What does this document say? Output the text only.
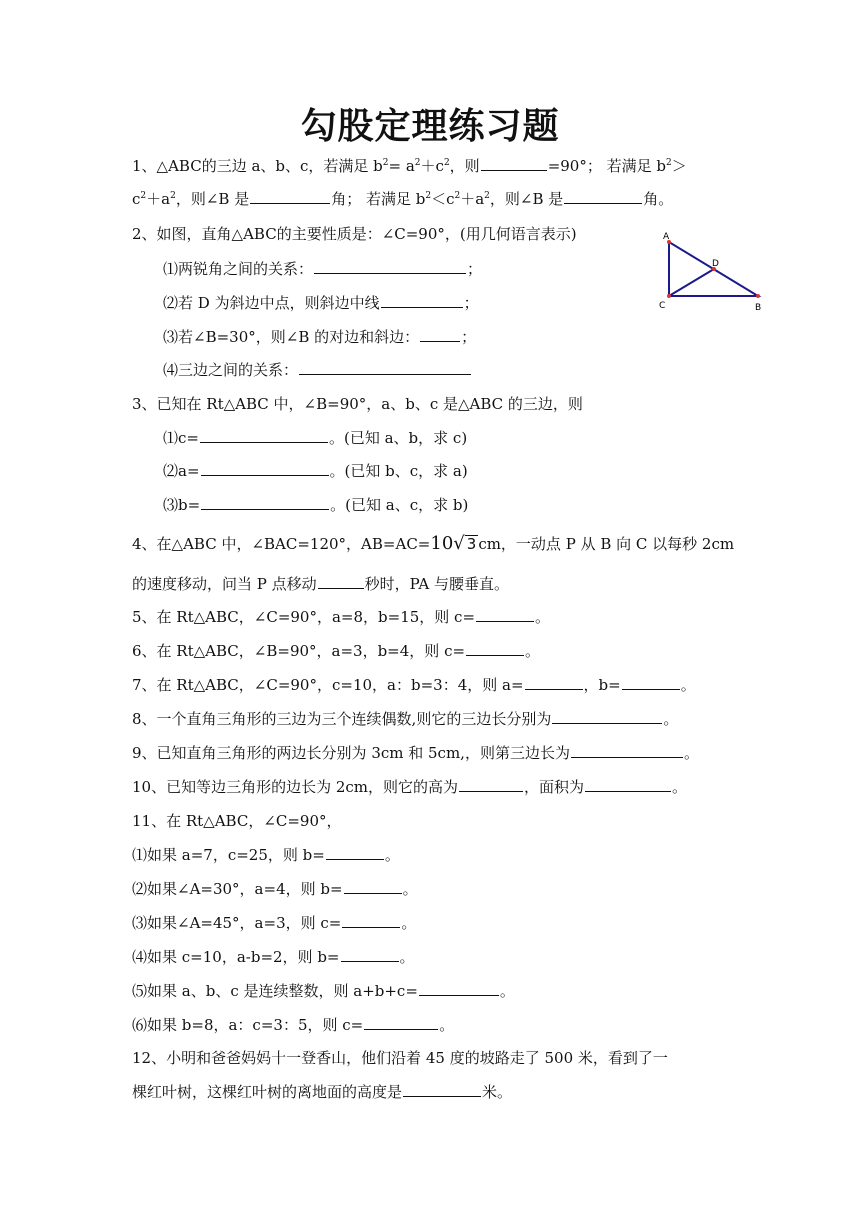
勾股定理练习题
1、△ABC的三边 a、b、c，若满足 $b^2= a^2+c^2$，则	=90°； 若满足 $b^2>$
$c^2+a^2$，则∠B 是	角； 若满足 $b^2<c^2+a^2$，则∠B 是	角。
2、如图，直角△ABC的主要性质是：∠C=90°，(用几何语言表示)
⑴两锐角之间的关系：	；
⑵若 D 为斜边中点，则斜边中线	；
⑶若∠B=30°，则∠B 的对边和斜边：	；
⑷三边之间的关系：
A
D
C	B
3、已知在 Rt△ABC 中，∠B=90°，a、b、c 是△ABC 的三边，则
⑴c=	。(已知 a、b，求 c)
⑵a=	。(已知 b、c，求 a)
⑶b=	。(已知 a、c，求 b)
4、在△ABC 中，∠BAC=120°，AB=AC=10√ 3 cm，一动点 P 从 B 向 C 以每秒 2cm
的速度移动，问当 P 点移动	秒时，PA 与腰垂直。
5、在 Rt△ABC，∠C=90°，a=8，b=15，则 c=	。
6、在 Rt△ABC，∠B=90°，a=3，b=4，则 c=	。
7、在 Rt△ABC，∠C=90°，c=10，a：b=3：4，则 a=	，b=	。
8、一个直角三角形的三边为三个连续偶数,则它的三边长分别为	。
9、已知直角三角形的两边长分别为 3cm 和 5cm,，则第三边长为	。
10、已知等边三角形的边长为 2cm，则它的高为	，面积为	。
11、在 Rt△ABC，∠C=90°，
⑴如果 a=7，c=25，则 b=	。
⑵如果∠A=30°，a=4，则 b=	。
⑶如果∠A=45°，a=3，则 c=	。
⑷如果 c=10，a-b=2，则 b=	。
⑸如果 a、b、c 是连续整数，则 a+b+c=	。
⑹如果 b=8，a：c=3：5，则 c=	。
12、小明和爸爸妈妈十一登香山，他们沿着 45 度的坡路走了 500 米，看到了一
棵红叶树，这棵红叶树的离地面的高度是	米。
